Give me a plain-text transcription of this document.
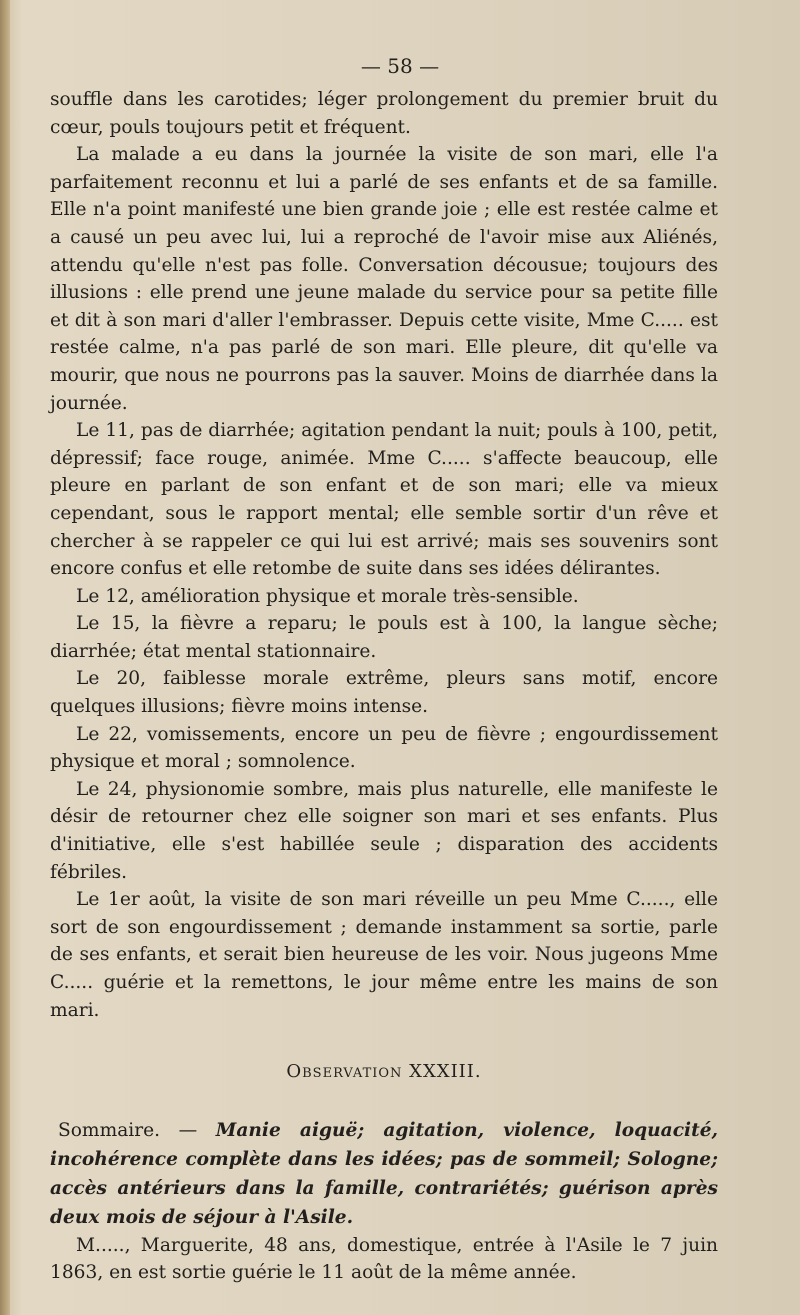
— 58 —

souffle dans les carotides; léger prolongement du premier bruit du cœur, pouls toujours petit et fréquent.

La malade a eu dans la journée la visite de son mari, elle l'a parfaitement reconnu et lui a parlé de ses enfants et de sa famille. Elle n'a point manifesté une bien grande joie ; elle est restée calme et a causé un peu avec lui, lui a reproché de l'avoir mise aux Aliénés, attendu qu'elle n'est pas folle. Conversation décousue; toujours des illusions : elle prend une jeune malade du service pour sa petite fille et dit à son mari d'aller l'embrasser. Depuis cette visite, Mme C..... est restée calme, n'a pas parlé de son mari. Elle pleure, dit qu'elle va mourir, que nous ne pourrons pas la sauver. Moins de diarrhée dans la journée.

Le 11, pas de diarrhée; agitation pendant la nuit; pouls à 100, petit, dépressif; face rouge, animée. Mme C..... s'affecte beaucoup, elle pleure en parlant de son enfant et de son mari; elle va mieux cependant, sous le rapport mental; elle semble sortir d'un rêve et chercher à se rappeler ce qui lui est arrivé; mais ses souvenirs sont encore confus et elle retombe de suite dans ses idées délirantes.

Le 12, amélioration physique et morale très-sensible.

Le 15, la fièvre a reparu; le pouls est à 100, la langue sèche; diarrhée; état mental stationnaire.

Le 20, faiblesse morale extrême, pleurs sans motif, encore quelques illusions; fièvre moins intense.

Le 22, vomissements, encore un peu de fièvre ; engourdissement physique et moral ; somnolence.

Le 24, physionomie sombre, mais plus naturelle, elle manifeste le désir de retourner chez elle soigner son mari et ses enfants. Plus d'initiative, elle s'est habillée seule ; disparation des accidents fébriles.

Le 1er août, la visite de son mari réveille un peu Mme C....., elle sort de son engourdissement ; demande instamment sa sortie, parle de ses enfants, et serait bien heureuse de les voir. Nous jugeons Mme C..... guérie et la remettons, le jour même entre les mains de son mari.

Observation XXXIII.

Sommaire. — Manie aiguë; agitation, violence, loquacité, incohérence complète dans les idées; pas de sommeil; Sologne; accès antérieurs dans la famille, contrariétés; guérison après deux mois de séjour à l'Asile.

M....., Marguerite, 48 ans, domestique, entrée à l'Asile le 7 juin 1863, en est sortie guérie le 11 août de la même année.
